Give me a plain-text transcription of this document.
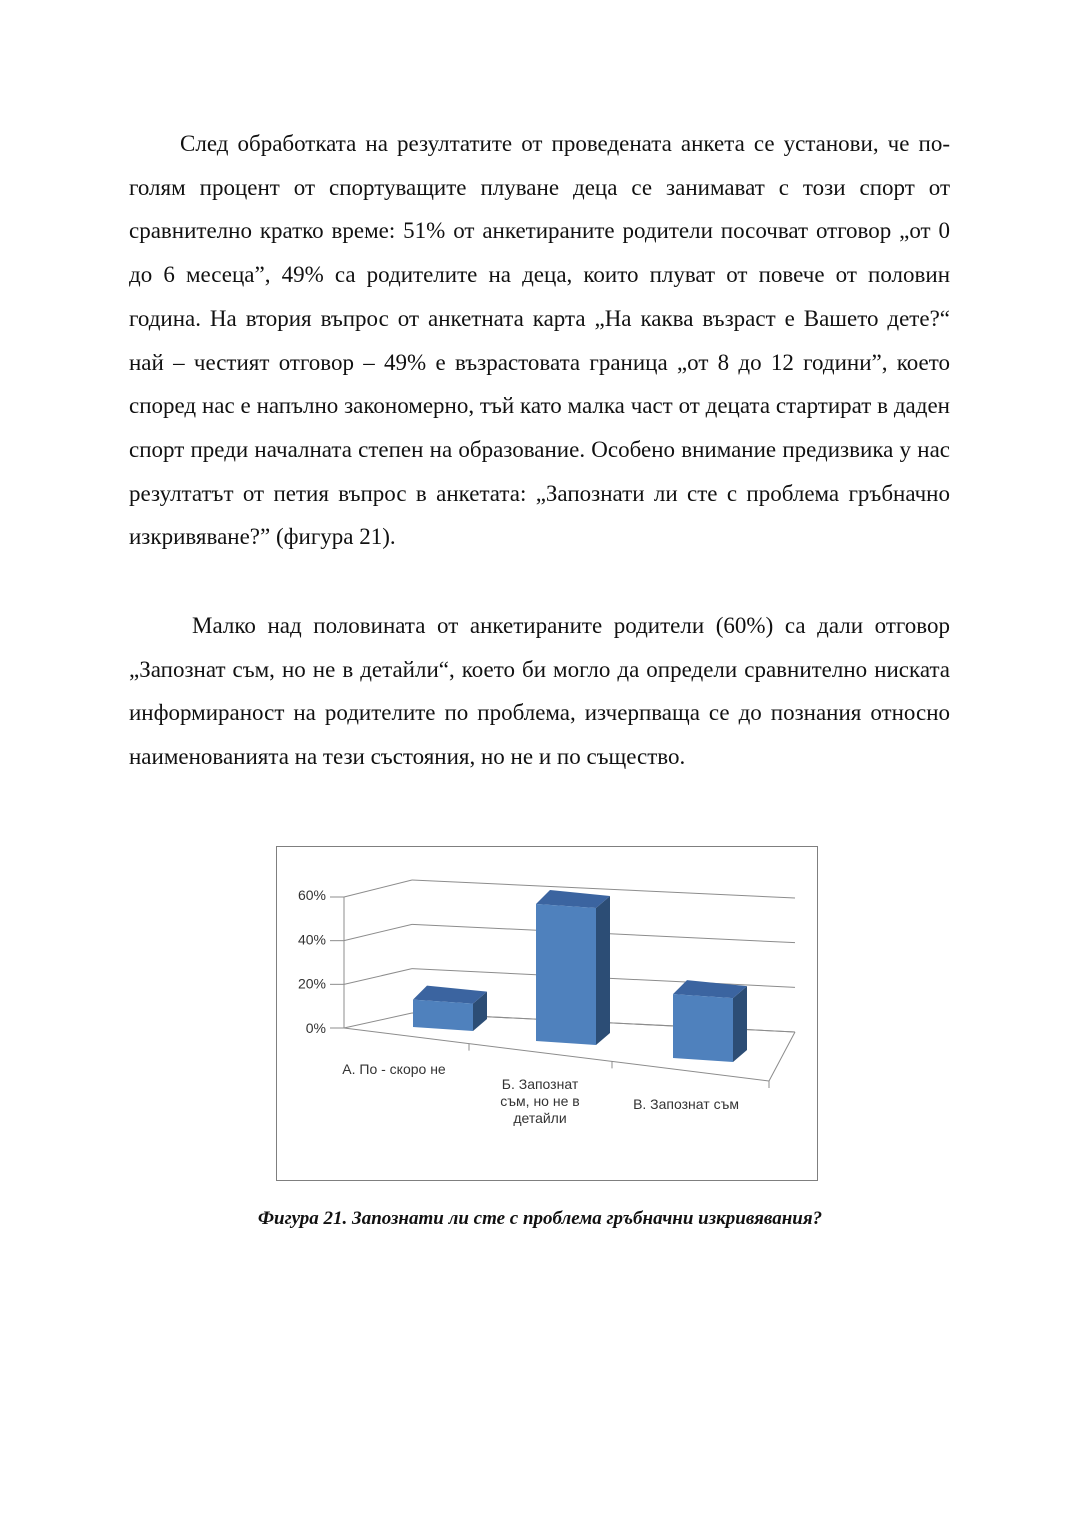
След обработката на резултатите от проведената анкета се установи, че по-голям процент от спортуващите плуване деца се занимават с този спорт от сравнително кратко време: 51% от анкетираните родители посочват отговор „от 0 до 6 месеца”, 49% са родителите на деца, които плуват от повече от половин година. На втория въпрос от анкетната карта „На каква възраст е Вашето дете?“ най – честият отговор – 49% е възрастовата граница „от 8 до 12 години”, което според нас е напълно закономерно, тъй като малка част от децата стартират в даден спорт преди началната степен на образование. Особено внимание предизвика у нас резултатът от петия въпрос в анкетата: „Запознати ли сте с проблема гръбначно изкривяване?” (фигура 21).

Малко над половината от анкетираните родители (60%) са дали отговор „Запознат съм, но не в детайли“, което би могло да определи сравнително ниската информираност на родителите по проблема, изчерпваща се до познания относно наименованията на тези състояния, но не и по същество.

0%
20%
40%
60%
А. По - скоро не
Б. Запознат
съм, но не в
детайли
В. Запознат съм

Фигура 21. Запознати ли сте с проблема гръбначни изкривявания?
